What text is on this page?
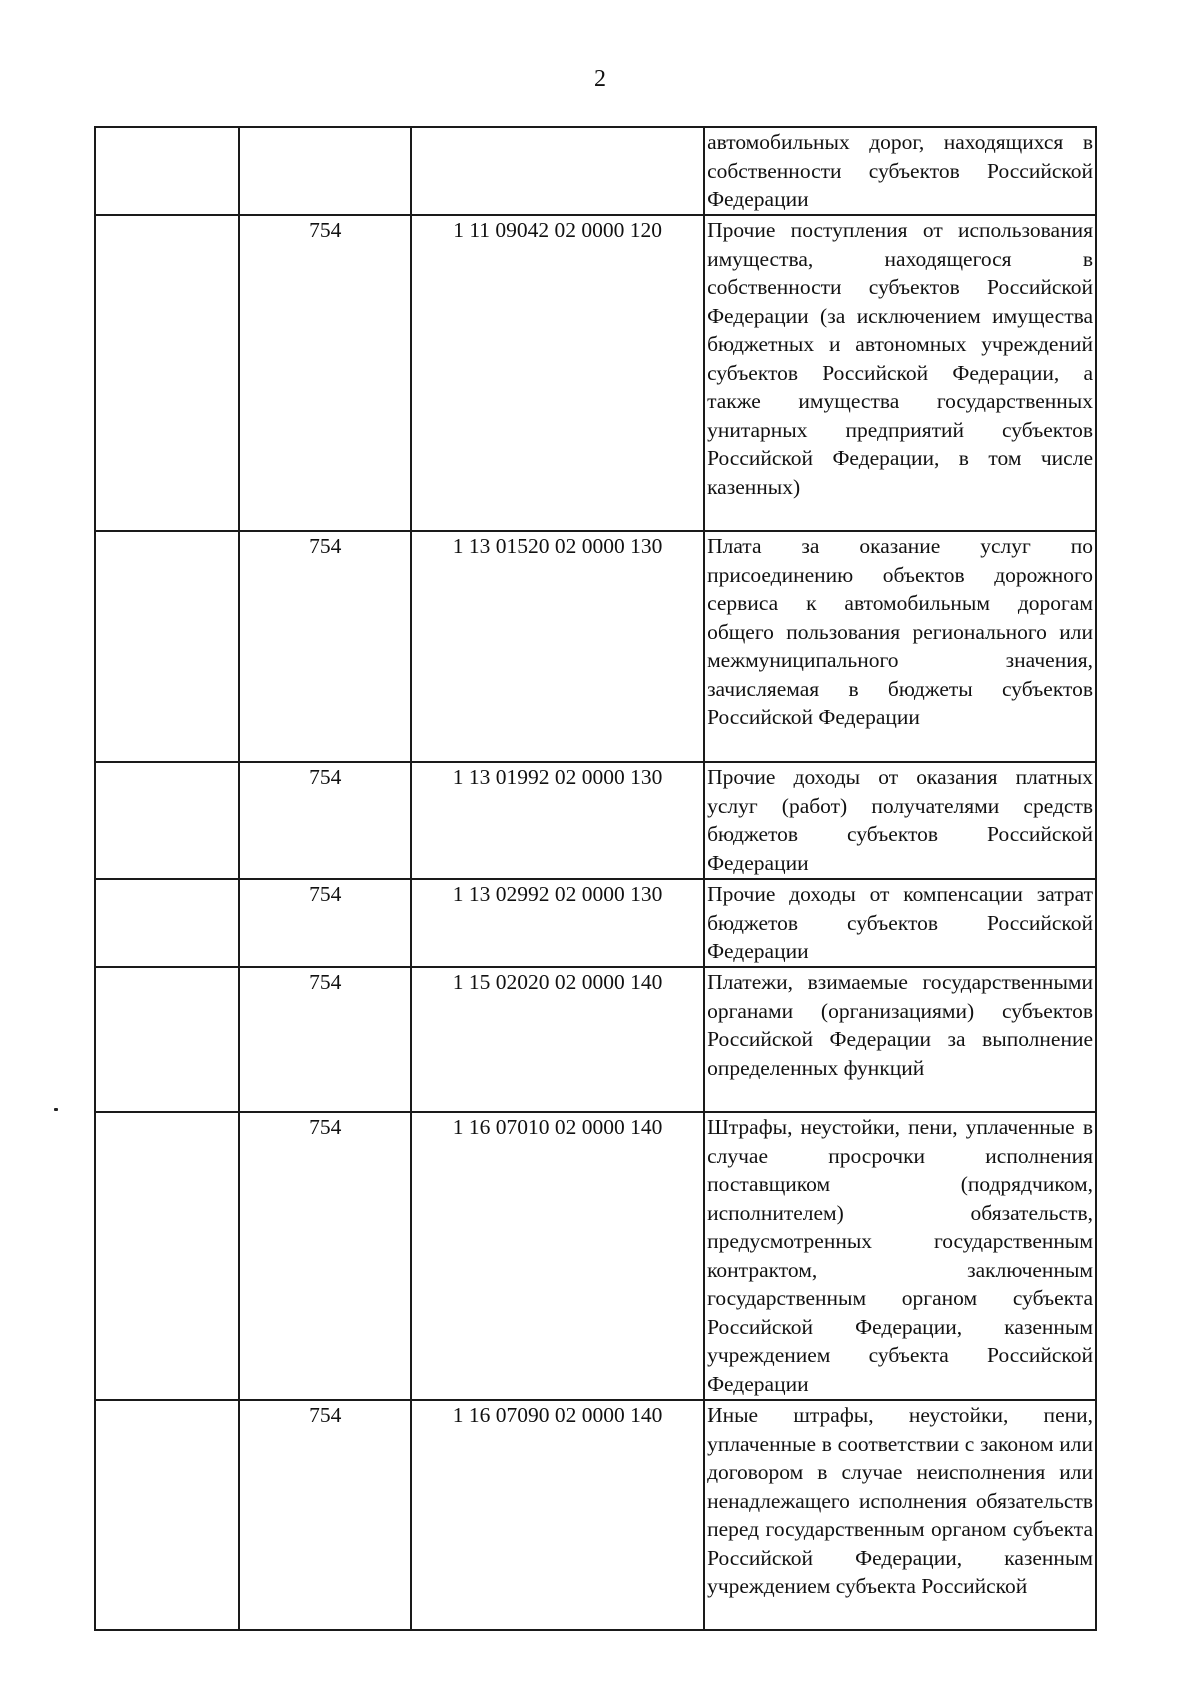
2
			автомобильных дорог, находящихся в собственности субъектов Российской Федерации
	754	1 11 09042 02 0000 120	Прочие поступления от использования имущества, находящегося в собственности субъектов Российской Федерации (за исключением имущества бюджетных и автономных учреждений субъектов Российской Федерации, а также имущества государственных унитарных предприятий субъектов Российской Федерации, в том числе казенных)
	754	1 13 01520 02 0000 130	Плата за оказание услуг по присоединению объектов дорожного сервиса к автомобильным дорогам общего пользования регионального или межмуниципального значения, зачисляемая в бюджеты субъектов Российской Федерации
	754	1 13 01992 02 0000 130	Прочие доходы от оказания платных услуг (работ) получателями средств бюджетов субъектов Российской Федерации
	754	1 13 02992 02 0000 130	Прочие доходы от компенсации затрат бюджетов субъектов Российской Федерации
	754	1 15 02020 02 0000 140	Платежи, взимаемые государственными органами (организациями) субъектов Российской Федерации за выполнение определенных функций
	754	1 16 07010 02 0000 140	Штрафы, неустойки, пени, уплаченные в случае просрочки исполнения поставщиком (подрядчиком, исполнителем) обязательств, предусмотренных государственным контрактом, заключенным государственным органом субъекта Российской Федерации, казенным учреждением субъекта Российской Федерации
	754	1 16 07090 02 0000 140	Иные штрафы, неустойки, пени, уплаченные в соответствии с законом или договором в случае неисполнения или ненадлежащего исполнения обязательств перед государственным органом субъекта Российской Федерации, казенным учреждением субъекта Российской
